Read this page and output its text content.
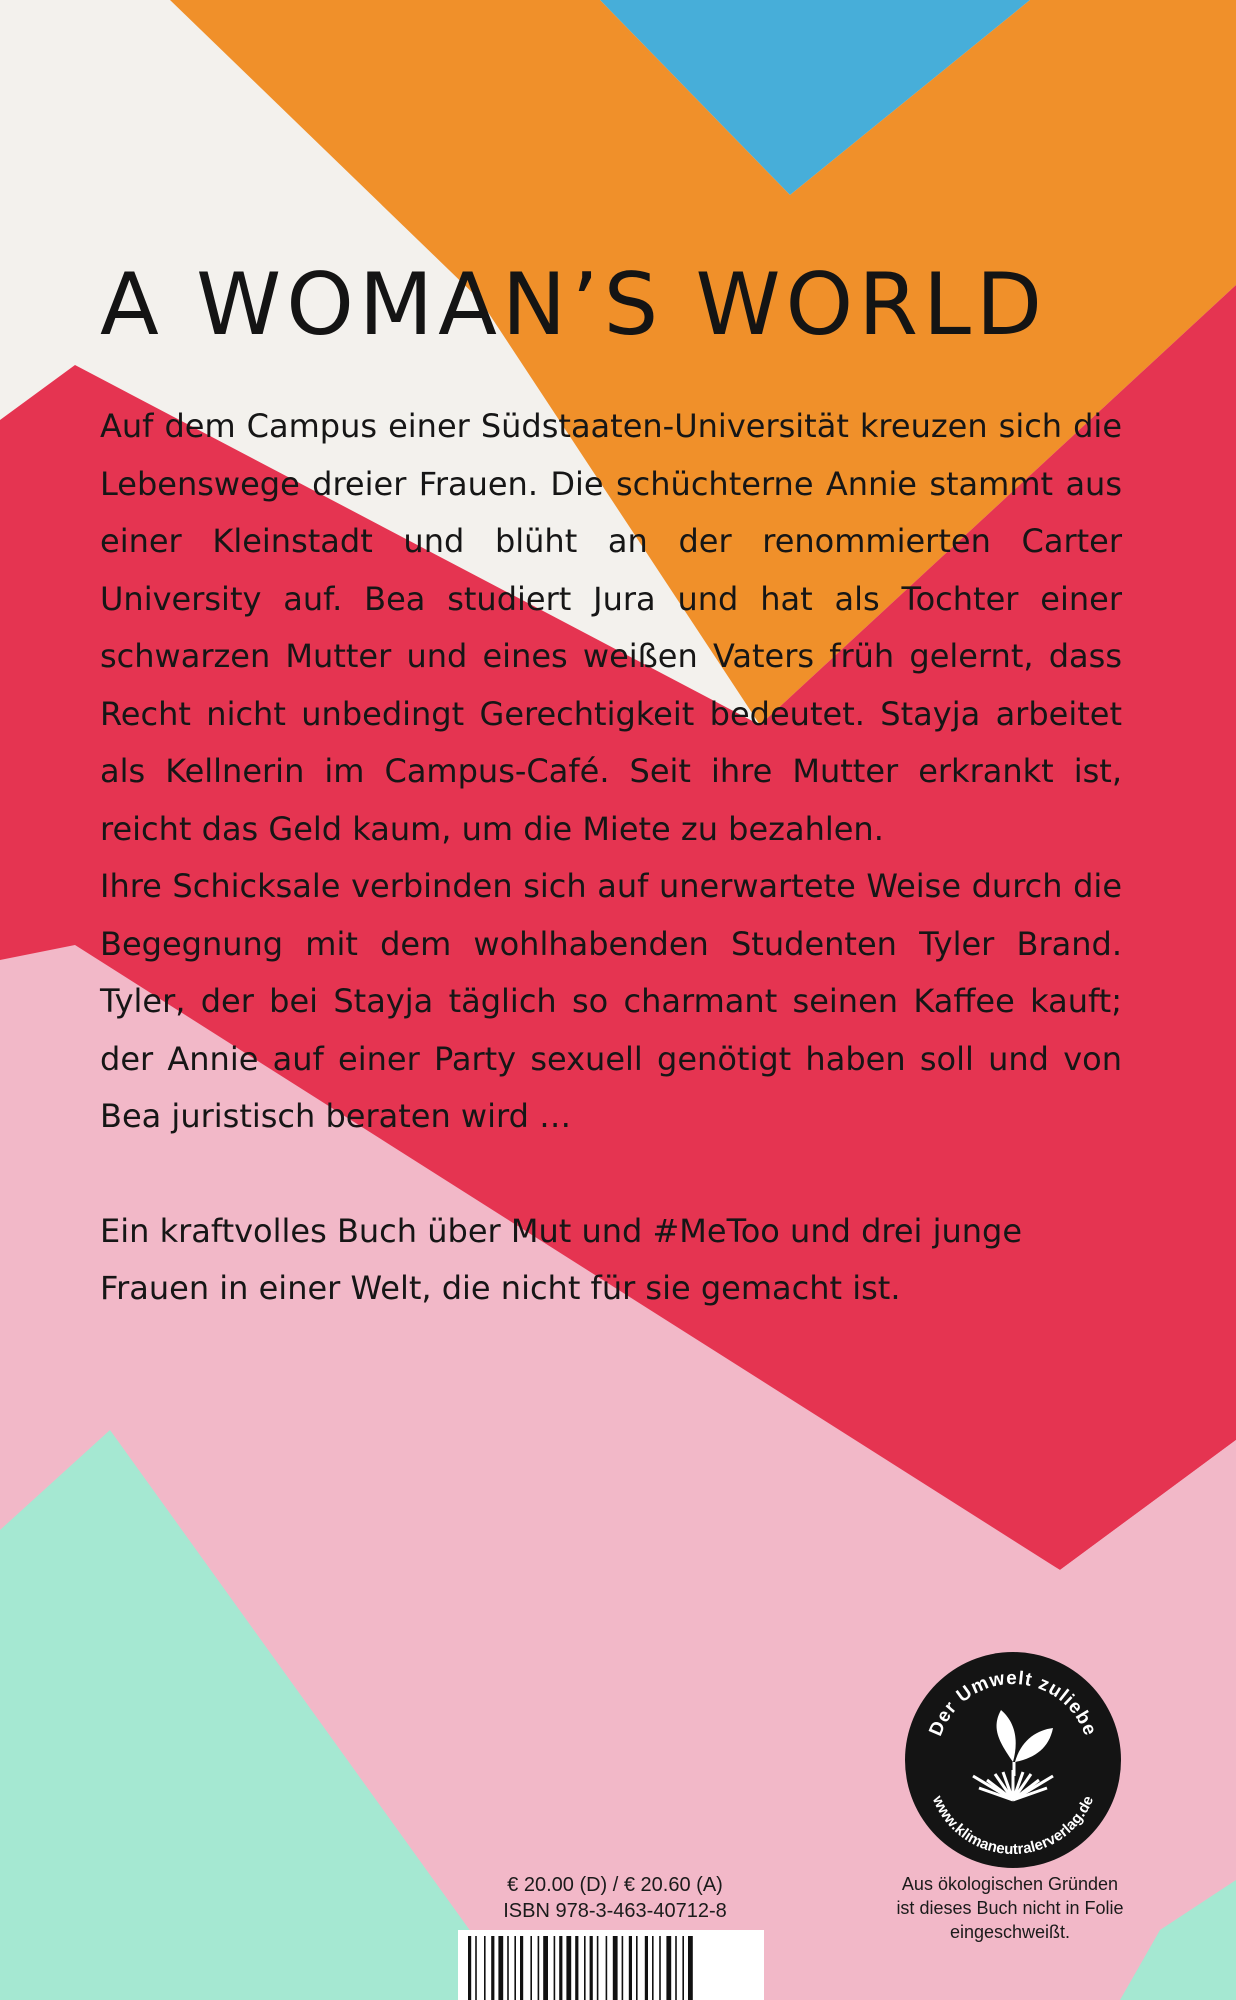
A WOMAN’S WORLD

Auf dem Campus einer Südstaaten-Universität kreuzen sich die Lebenswege dreier Frauen. Die schüchterne Annie stammt aus einer Kleinstadt und blüht an der renommierten Carter University auf. Bea studiert Jura und hat als Tochter einer schwarzen Mutter und eines weißen Vaters früh gelernt, dass Recht nicht unbedingt Gerechtigkeit bedeutet. Stayja arbeitet als Kellnerin im Campus-Café. Seit ihre Mutter erkrankt ist, reicht das Geld kaum, um die Miete zu bezahlen.

Ihre Schicksale verbinden sich auf unerwartete Weise durch die Begegnung mit dem wohlhabenden Studenten Tyler Brand. Tyler, der bei Stayja täglich so charmant seinen Kaffee kauft; der Annie auf einer Party sexuell genötigt haben soll und von Bea juristisch beraten wird …

Ein kraftvolles Buch über Mut und #MeToo und drei junge Frauen in einer Welt, die nicht für sie gemacht ist.

Der Umwelt zuliebe
www.klimaneutralerverlag.de
€ 20.00 (D) / € 20.60 (A)
ISBN 978-3-463-40712-8
Aus ökologischen Gründen
ist dieses Buch nicht in Folie
eingeschweißt.
